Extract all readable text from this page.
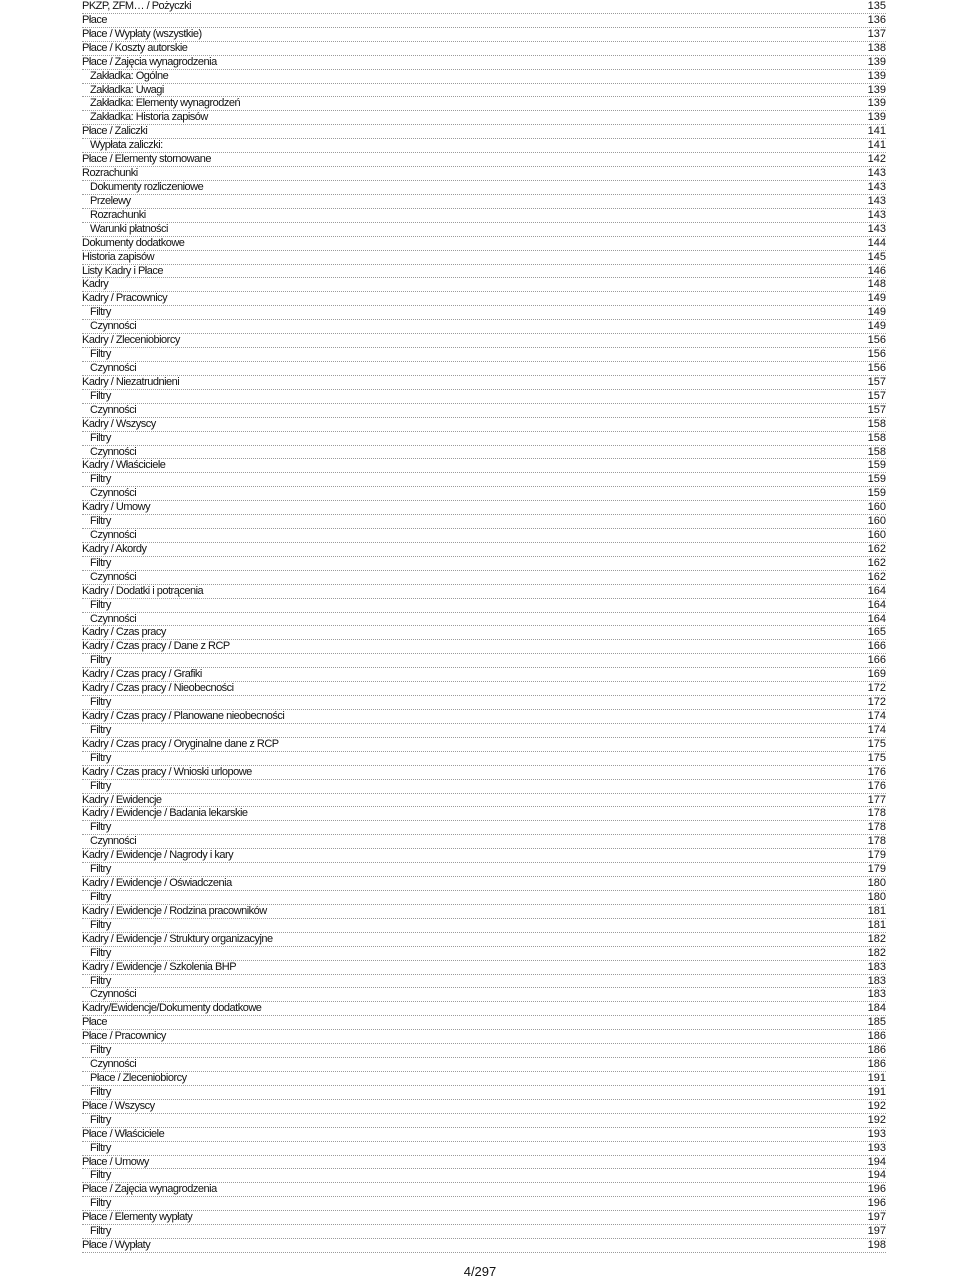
PKZP, ZFM… / Pożyczki	135
Płace	136
Płace / Wypłaty (wszystkie)	137
Płace / Koszty autorskie	138
Płace / Zajęcia wynagrodzenia	139
Zakładka: Ogólne	139
Zakładka: Uwagi	139
Zakładka: Elementy wynagrodzeń	139
Zakładka: Historia zapisów	139
Płace / Zaliczki	141
Wypłata zaliczki:	141
Płace / Elementy stornowane	142
Rozrachunki	143
Dokumenty rozliczeniowe	143
Przelewy	143
Rozrachunki	143
Warunki płatności	143
Dokumenty dodatkowe	144
Historia zapisów	145
Listy Kadry i Płace	146
Kadry	148
Kadry / Pracownicy	149
Filtry	149
Czynności	149
Kadry / Zleceniobiorcy	156
Filtry	156
Czynności	156
Kadry / Niezatrudnieni	157
Filtry	157
Czynności	157
Kadry / Wszyscy	158
Filtry	158
Czynności	158
Kadry / Właściciele	159
Filtry	159
Czynności	159
Kadry / Umowy	160
Filtry	160
Czynności	160
Kadry / Akordy	162
Filtry	162
Czynności	162
Kadry / Dodatki i potrącenia	164
Filtry	164
Czynności	164
Kadry / Czas pracy	165
Kadry / Czas pracy / Dane z RCP	166
Filtry	166
Kadry / Czas pracy / Grafiki	169
Kadry / Czas pracy / Nieobecności	172
Filtry	172
Kadry / Czas pracy / Planowane nieobecności	174
Filtry	174
Kadry / Czas pracy / Oryginalne dane z RCP	175
Filtry	175
Kadry / Czas pracy / Wnioski urlopowe	176
Filtry	176
Kadry / Ewidencje	177
Kadry / Ewidencje / Badania lekarskie	178
Filtry	178
Czynności	178
Kadry / Ewidencje / Nagrody i kary	179
Filtry	179
Kadry / Ewidencje / Oświadczenia	180
Filtry	180
Kadry / Ewidencje / Rodzina pracowników	181
Filtry	181
Kadry / Ewidencje / Struktury organizacyjne	182
Filtry	182
Kadry / Ewidencje / Szkolenia BHP	183
Filtry	183
Czynności	183
Kadry/Ewidencje/Dokumenty dodatkowe	184
Płace	185
Płace / Pracownicy	186
Filtry	186
Czynności	186
Płace / Zleceniobiorcy	191
Filtry	191
Płace / Wszyscy	192
Filtry	192
Płace / Właściciele	193
Filtry	193
Płace / Umowy	194
Filtry	194
Płace / Zajęcia wynagrodzenia	196
Filtry	196
Płace / Elementy wypłaty	197
Filtry	197
Płace / Wypłaty	198
4/297
